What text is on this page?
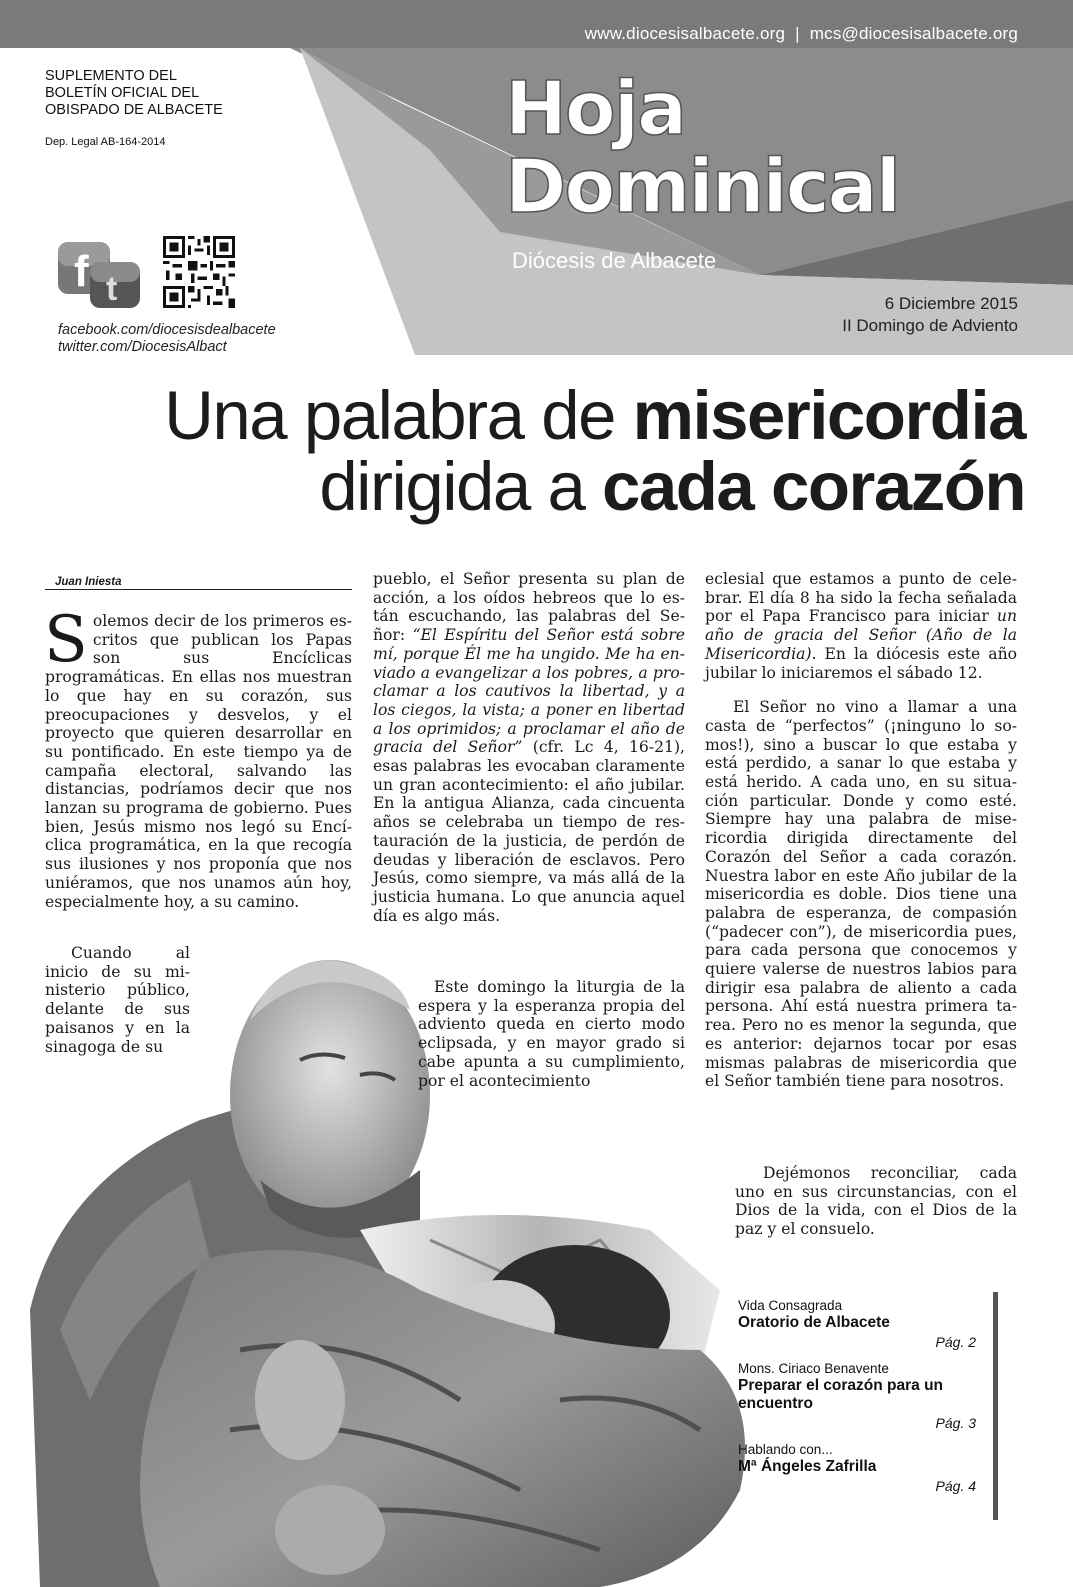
www.diocesisalbacete.org | mcs@diocesisalbacete.org
SUPLEMENTO DEL
BOLETÍN OFICIAL DEL
OBISPADO DE ALBACETE
Dep. Legal AB-164-2014
f t
facebook.com/diocesisdealbacete
twitter.com/DiocesisAlbact
Hoja
Dominical
Diócesis de Albacete
6 Diciembre 2015
II Domingo de Adviento
Una palabra de misericordia
dirigida a cada corazón
Juan Iniesta

Solemos decir de los primeros escritos que publican los Papas son sus Encíclicas programáticas. En ellas nos muestran lo que hay en su corazón, sus preocupaciones y desvelos, y el proyecto que quieren desarrollar en su pontificado. En este tiempo ya de campaña electoral, salvando las distancias, podríamos decir que nos lanzan su programa de gobierno. Pues bien, Jesús mismo nos legó su Encíclica programática, en la que recogía sus ilusiones y nos proponía que nos uniéramos, que nos unamos aún hoy, especialmente hoy, a su camino.

Cuando al inicio de su ministerio público, delante de sus paisanos y en la sinagoga de su

pueblo, el Señor presenta su plan de acción, a los oídos hebreos que lo están escuchando, las palabras del Señor: “El Espíritu del Señor está sobre mí, porque Él me ha ungido. Me ha enviado a evangelizar a los pobres, a proclamar a los cautivos la libertad, y a los ciegos, la vista; a poner en libertad a los oprimidos; a proclamar el año de gracia del Señor” (cfr. Lc 4, 16-21), esas palabras les evocaban claramente un gran acontecimiento: el año jubilar. En la antigua Alianza, cada cincuenta años se celebraba un tiempo de restauración de la justicia, de perdón de deudas y liberación de esclavos. Pero Jesús, como siempre, va más allá de la justicia humana. Lo que anuncia aquel día es algo más.

Este domingo la liturgia de la espera y la esperanza propia del adviento queda en cierto modo eclipsada, y en mayor grado si cabe apunta a su cumplimiento, por el acontecimiento

eclesial que estamos a punto de celebrar. El día 8 ha sido la fecha señalada por el Papa Francisco para iniciar un año de gracia del Señor (Año de la Misericordia). En la diócesis este año jubilar lo iniciaremos el sábado 12.

El Señor no vino a llamar a una casta de “perfectos” (¡ninguno lo somos!), sino a buscar lo que estaba y está perdido, a sanar lo que estaba y está herido. A cada uno, en su situación particular. Donde y como esté. Siempre hay una palabra de misericordia dirigida directamente del Corazón del Señor a cada corazón. Nuestra labor en este Año jubilar de la misericordia es doble. Dios tiene una palabra de esperanza, de compasión (“padecer con”), de misericordia pues, para cada persona que conocemos y quiere valerse de nuestros labios para dirigir esa palabra de aliento a cada persona. Ahí está nuestra primera tarea. Pero no es menor la segunda, que es anterior: dejarnos tocar por esas mismas palabras de misericordia que el Señor también tiene para nosotros.

Dejémonos reconciliar, cada uno en sus circunstancias, con el Dios de la vida, con el Dios de la paz y el consuelo.

Vida Consagrada
Oratorio de Albacete
Pág. 2
Mons. Ciriaco Benavente
Preparar el corazón para un encuentro
Pág. 3
Hablando con...
Mª Ángeles Zafrilla
Pág. 4
